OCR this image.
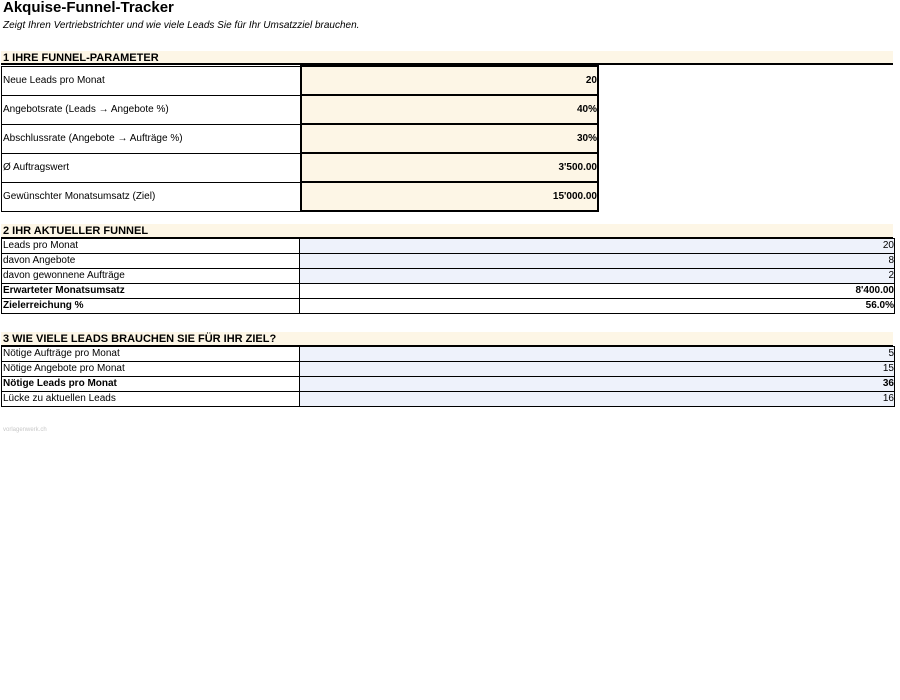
Akquise-Funnel-Tracker
Zeigt Ihren Vertriebstrichter und wie viele Leads Sie für Ihr Umsatzziel brauchen.
1 IHRE FUNNEL-PARAMETER
Neue Leads pro Monat	20
Angebotsrate (Leads → Angebote %)	40%
Abschlussrate (Angebote → Aufträge %)	30%
Ø Auftragswert	3'500.00
Gewünschter Monatsumsatz (Ziel)	15'000.00
2 IHR AKTUELLER FUNNEL
Leads pro Monat	20
davon Angebote	8
davon gewonnene Aufträge	2
Erwarteter Monatsumsatz	8'400.00
Zielerreichung %	56.0%
3 WIE VIELE LEADS BRAUCHEN SIE FÜR IHR ZIEL?
Nötige Aufträge pro Monat	5
Nötige Angebote pro Monat	15
Nötige Leads pro Monat	36
Lücke zu aktuellen Leads	16
vorlagenwerk.ch
